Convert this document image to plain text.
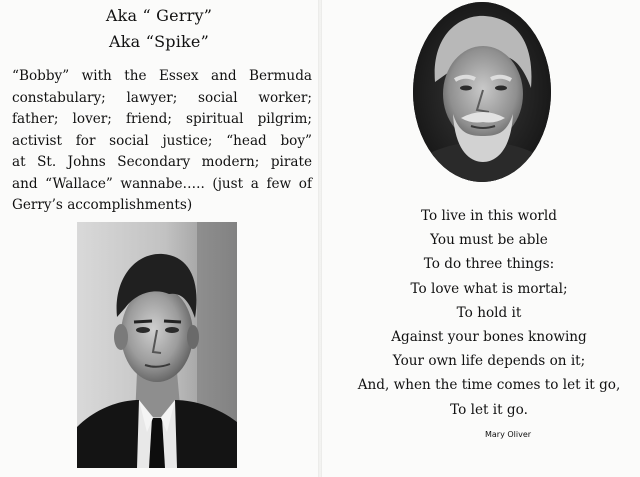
Aka “ Gerry”
Aka “Spike”
“Bobby” with the Essex and Bermuda
constabulary; lawyer; social worker;
father; lover; friend; spiritual pilgrim;
activist for social justice; “head boy”
at St. Johns Secondary modern; pirate
and “Wallace” wannabe….. (just a few of
Gerry’s accomplishments)
To live in this world
You must be able
To do three things:
To love what is mortal;
To hold it
Against your bones knowing
Your own life depends on it;
And, when the time comes to let it go,
To let it go.
Mary Oliver
